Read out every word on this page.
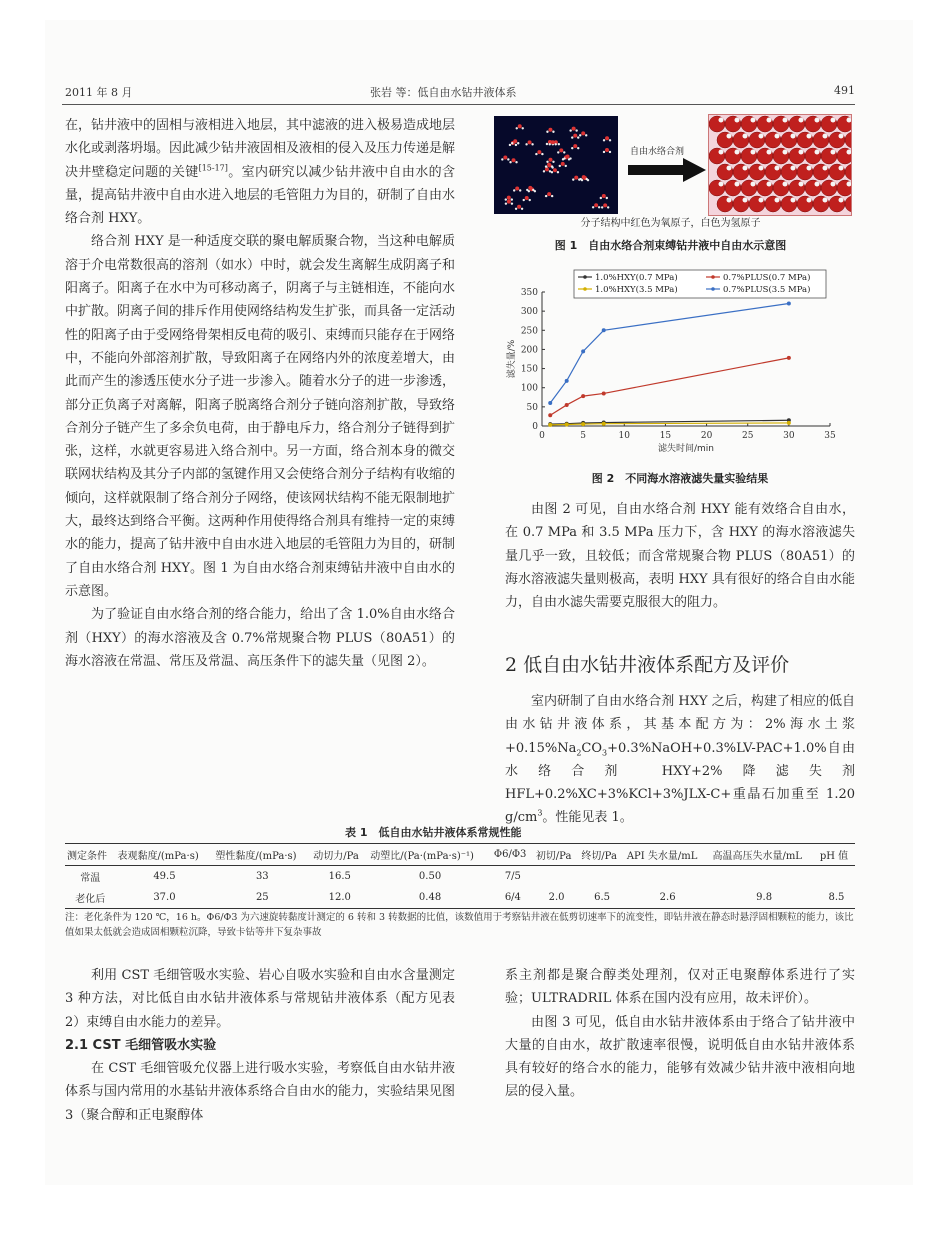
2011 年 8 月	张岩 等：低自由水钻井液体系	491

在，钻井液中的固相与液相进入地层，其中滤液的进入极易造成地层水化或剥落坍塌。因此减少钻井液固相及液相的侵入及压力传递是解决井壁稳定问题的关键[15-17]。室内研究以减少钻井液中自由水的含量，提高钻井液中自由水进入地层的毛管阻力为目的，研制了自由水络合剂 HXY。

络合剂 HXY 是一种适度交联的聚电解质聚合物，当这种电解质溶于介电常数很高的溶剂（如水）中时，就会发生离解生成阴离子和阳离子。阳离子在水中为可移动离子，阴离子与主链相连，不能向水中扩散。阴离子间的排斥作用使网络结构发生扩张，而具备一定活动性的阳离子由于受网络骨架相反电荷的吸引、束缚而只能存在于网络中，不能向外部溶剂扩散，导致阳离子在网络内外的浓度差增大，由此而产生的渗透压使水分子进一步渗入。随着水分子的进一步渗透，部分正负离子对离解，阳离子脱离络合剂分子链向溶剂扩散，导致络合剂分子链产生了多余负电荷，由于静电斥力，络合剂分子链得到扩张，这样，水就更容易进入络合剂中。另一方面，络合剂本身的微交联网状结构及其分子内部的氢键作用又会使络合剂分子结构有收缩的倾向，这样就限制了络合剂分子网络，使该网状结构不能无限制地扩大，最终达到络合平衡。这两种作用使得络合剂具有维持一定的束缚水的能力，提高了钻井液中自由水进入地层的毛管阻力为目的，研制了自由水络合剂 HXY。图 1 为自由水络合剂束缚钻井液中自由水的示意图。

为了验证自由水络合剂的络合能力，给出了含 1.0%自由水络合剂（HXY）的海水溶液及含 0.7%常规聚合物 PLUS（80A51）的海水溶液在常温、常压及常温、高压条件下的滤失量（见图 2）。

自由水络合剂
分子结构中红色为氧原子，白色为氢原子
图 1　自由水络合剂束缚钻井液中自由水示意图
0
50
100
150
200
250
300
350
0	5	10	15	20	25	30	35
滤失时间/min
滤失量/%
1.0%HXY(0.7 MPa)	0.7%PLUS(0.7 MPa)
1.0%HXY(3.5 MPa)	0.7%PLUS(3.5 MPa)
图 2　不同海水溶液滤失量实验结果

由图 2 可见，自由水络合剂 HXY 能有效络合自由水，在 0.7 MPa 和 3.5 MPa 压力下，含 HXY 的海水溶液滤失量几乎一致，且较低；而含常规聚合物 PLUS（80A51）的海水溶液滤失量则极高，表明 HXY 具有很好的络合自由水能力，自由水滤失需要克服很大的阻力。

2 低自由水钻井液体系配方及评价

室内研制了自由水络合剂 HXY 之后，构建了相应的低自由水钻井液体系，其基本配方为：2%海水土浆$+0.15\%Na_2CO_3+0.3\%NaOH+0.3\%LV-PAC+1.0\%$自由水络合剂 HXY+2%降滤失剂 HFL+0.2%XC+3%KCl+3%JLX-C+重晶石加重至 1.20 $g/cm^3$。性能见表 1。

表 1　低自由水钻井液体系常规性能
测定条件	表观黏度/(mPa·s)	塑性黏度/(mPa·s)	动切力/Pa	动塑比/(Pa·(mPa·s)⁻¹)	Φ6/Φ3	初切/Pa	终切/Pa	API 失水量/mL	高温高压失水量/mL	pH 值
常温	49.5	33	16.5	0.50	7/5					
老化后	37.0	25	12.0	0.48	6/4	2.0	6.5	2.6	9.8	8.5
注：老化条件为 120 ℃，16 h。Φ6/Φ3 为六速旋转黏度计测定的 6 转和 3 转数据的比值，该数值用于考察钻井液在低剪切速率下的流变性，即钻井液在静态时悬浮固相颗粒的能力，该比值如果太低就会造成固相颗粒沉降，导致卡钻等井下复杂事故

利用 CST 毛细管吸水实验、岩心自吸水实验和自由水含量测定 3 种方法，对比低自由水钻井液体系与常规钻井液体系（配方见表 2）束缚自由水能力的差异。

2.1 CST 毛细管吸水实验

在 CST 毛细管吸允仪器上进行吸水实验，考察低自由水钻井液体系与国内常用的水基钻井液体系络合自由水的能力，实验结果见图 3（聚合醇和正电聚醇体

系主剂都是聚合醇类处理剂，仅对正电聚醇体系进行了实验；ULTRADRIL 体系在国内没有应用，故未评价）。

由图 3 可见，低自由水钻井液体系由于络合了钻井液中大量的自由水，故扩散速率很慢，说明低自由水钻井液体系具有较好的络合水的能力，能够有效减少钻井液中液相向地层的侵入量。
